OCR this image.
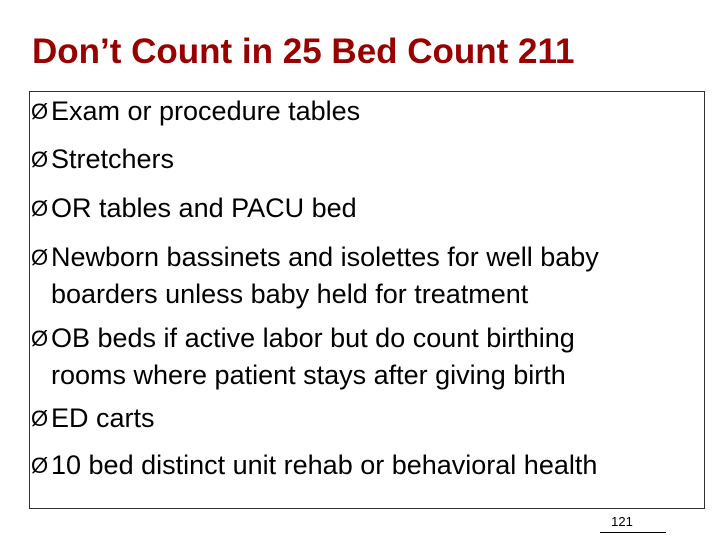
Don’t Count in 25 Bed Count 211
Ø Exam or procedure tables
Ø Stretchers
Ø OR tables and PACU bed
Ø Newborn bassinets and isolettes for well baby
boarders unless baby held for treatment
Ø OB beds if active labor but do count birthing
rooms where patient stays after giving birth
Ø ED carts
Ø 10 bed distinct unit rehab or behavioral health
121
